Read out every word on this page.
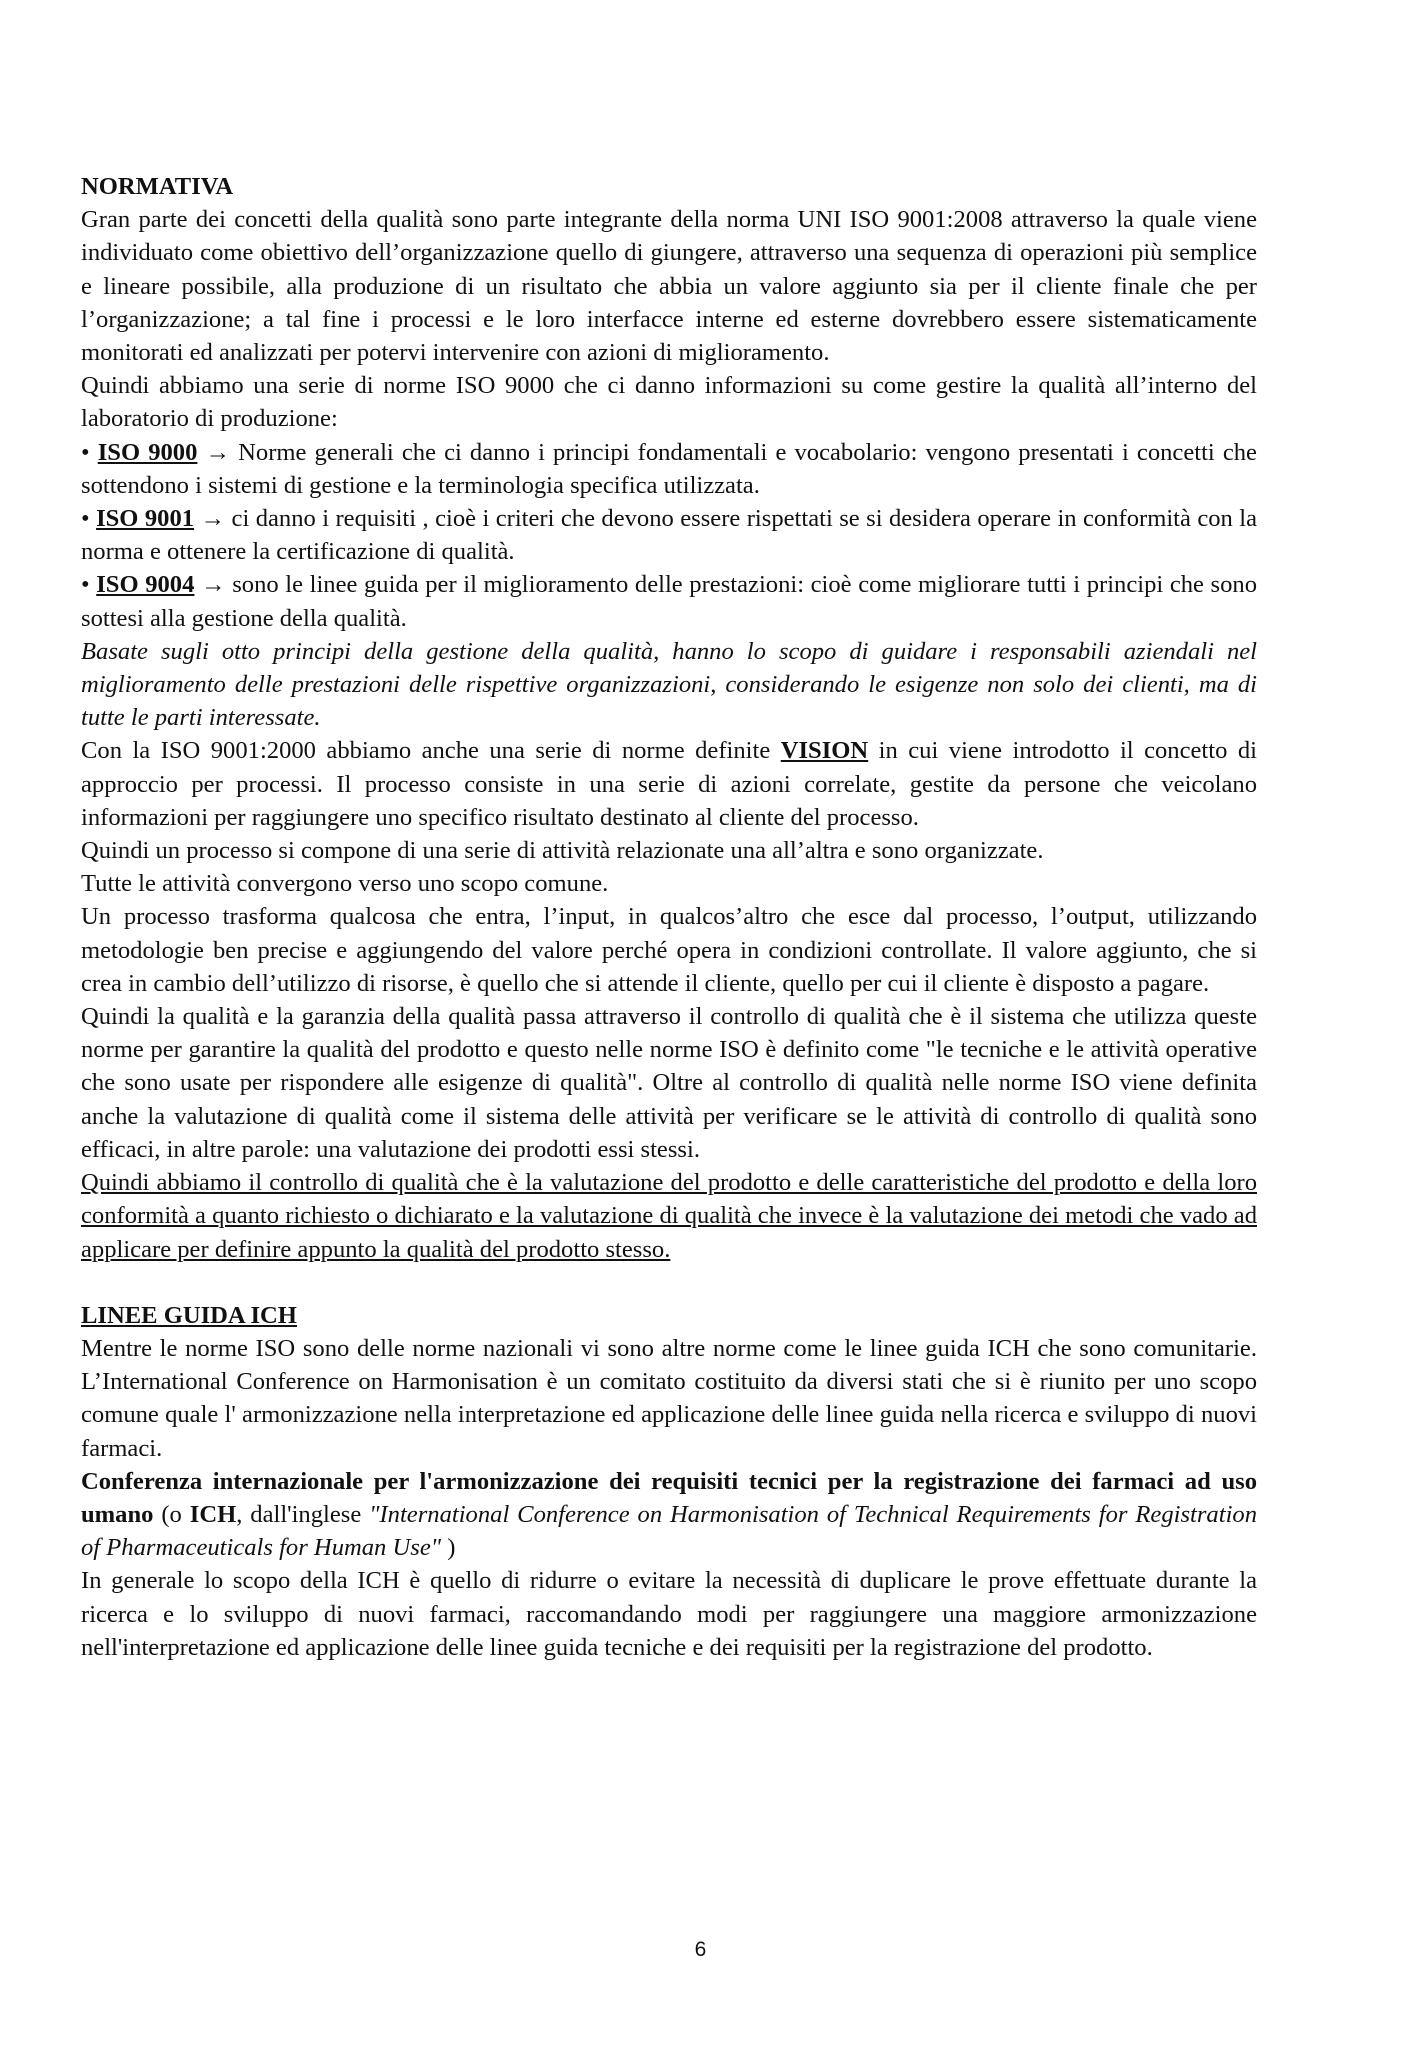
NORMATIVA

Gran parte dei concetti della qualità sono parte integrante della norma UNI ISO 9001:2008 attraverso la quale viene individuato come obiettivo dell’organizzazione quello di giungere, attraverso una sequenza di operazioni più semplice e lineare possibile, alla produzione di un risultato che abbia un valore aggiunto sia per il cliente finale che per l’organizzazione; a tal fine i processi e le loro interfacce interne ed esterne dovrebbero essere sistematicamente monitorati ed analizzati per potervi intervenire con azioni di miglioramento.

Quindi abbiamo una serie di norme ISO 9000 che ci danno informazioni su come gestire la qualità all’interno del laboratorio di produzione:

• ISO 9000 → Norme generali che ci danno i principi fondamentali e vocabolario: vengono presentati i concetti che sottendono i sistemi di gestione e la terminologia specifica utilizzata.

• ISO 9001 → ci danno i requisiti , cioè i criteri che devono essere rispettati se si desidera operare in conformità con la norma e ottenere la certificazione di qualità.

• ISO 9004 → sono le linee guida per il miglioramento delle prestazioni: cioè come migliorare tutti i principi che sono sottesi alla gestione della qualità.

Basate sugli otto principi della gestione della qualità, hanno lo scopo di guidare i responsabili aziendali nel miglioramento delle prestazioni delle rispettive organizzazioni, considerando le esigenze non solo dei clienti, ma di tutte le parti interessate.

Con la ISO 9001:2000 abbiamo anche una serie di norme definite VISION in cui viene introdotto il concetto di approccio per processi. Il processo consiste in una serie di azioni correlate, gestite da persone che veicolano informazioni per raggiungere uno specifico risultato destinato al cliente del processo.

Quindi un processo si compone di una serie di attività relazionate una all’altra e sono organizzate.

Tutte le attività convergono verso uno scopo comune.

Un processo trasforma qualcosa che entra, l’input, in qualcos’altro che esce dal processo, l’output, utilizzando metodologie ben precise e aggiungendo del valore perché opera in condizioni controllate. Il valore aggiunto, che si crea in cambio dell’utilizzo di risorse, è quello che si attende il cliente, quello per cui il cliente è disposto a pagare.

Quindi la qualità e la garanzia della qualità passa attraverso il controllo di qualità che è il sistema che utilizza queste norme per garantire la qualità del prodotto e questo nelle norme ISO è definito come "le tecniche e le attività operative che sono usate per rispondere alle esigenze di qualità". Oltre al controllo di qualità nelle norme ISO viene definita anche la valutazione di qualità come il sistema delle attività per verificare se le attività di controllo di qualità sono efficaci, in altre parole: una valutazione dei prodotti essi stessi.

Quindi abbiamo il controllo di qualità che è la valutazione del prodotto e delle caratteristiche del prodotto e della loro conformità a quanto richiesto o dichiarato e la valutazione di qualità che invece è la valutazione dei metodi che vado ad applicare per definire appunto la qualità del prodotto stesso.

LINEE GUIDA ICH

Mentre le norme ISO sono delle norme nazionali vi sono altre norme come le linee guida ICH che sono comunitarie. L’International Conference on Harmonisation è un comitato costituito da diversi stati che si è riunito per uno scopo comune quale l' armonizzazione nella interpretazione ed applicazione delle linee guida nella ricerca e sviluppo di nuovi farmaci.

Conferenza internazionale per l'armonizzazione dei requisiti tecnici per la registrazione dei farmaci ad uso umano (o ICH, dall'inglese "International Conference on Harmonisation of Technical Requirements for Registration of Pharmaceuticals for Human Use" )

In generale lo scopo della ICH è quello di ridurre o evitare la necessità di duplicare le prove effettuate durante la ricerca e lo sviluppo di nuovi farmaci, raccomandando modi per raggiungere una maggiore armonizzazione nell'interpretazione ed applicazione delle linee guida tecniche e dei requisiti per la registrazione del prodotto.

6
